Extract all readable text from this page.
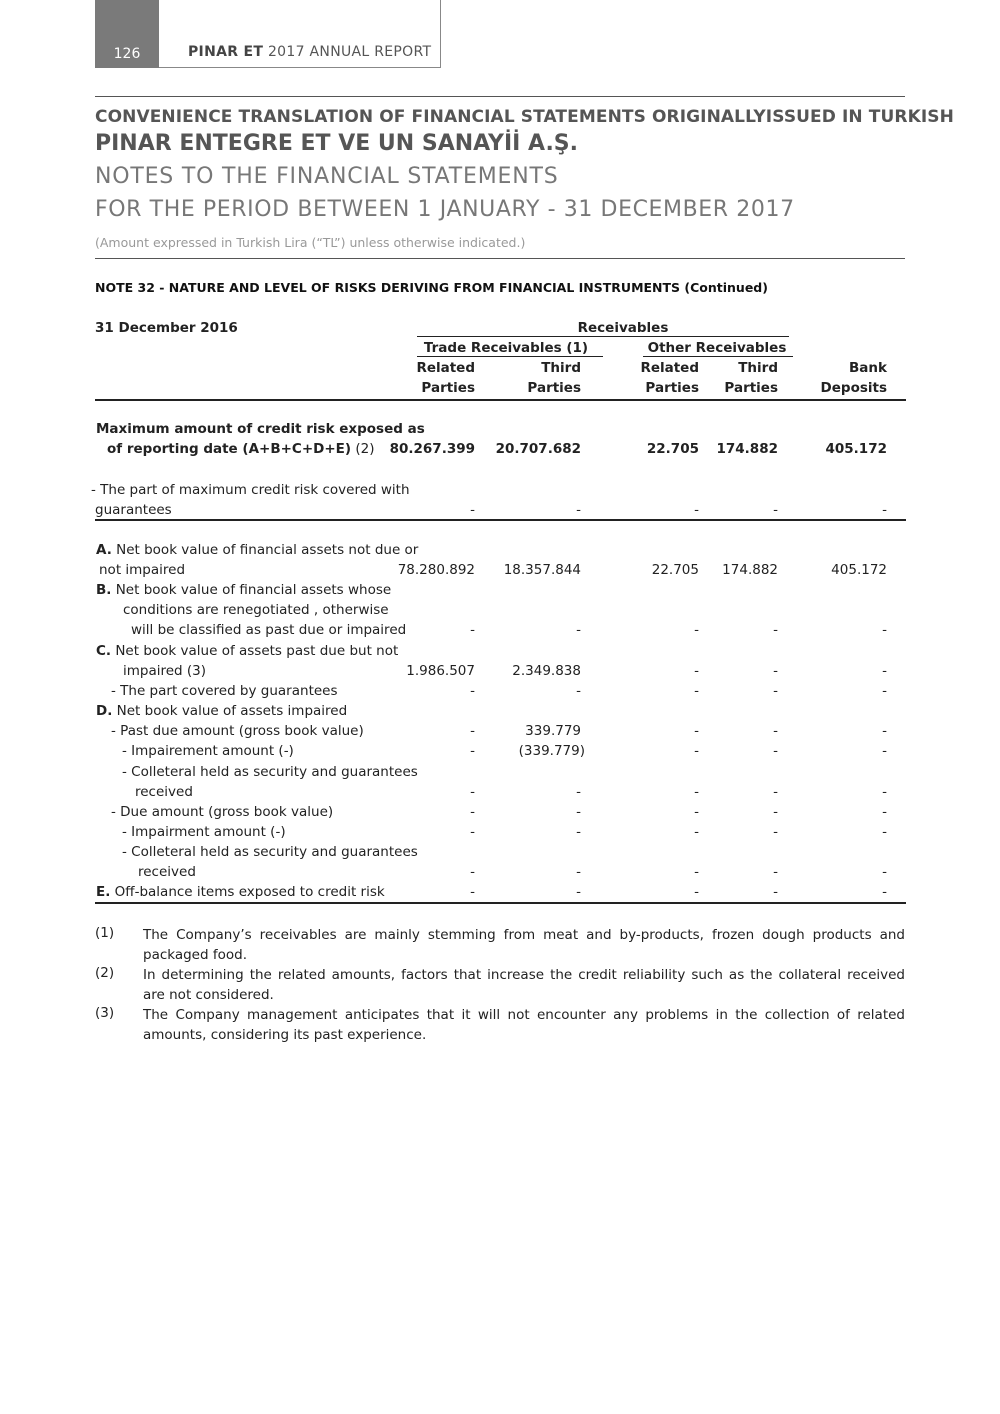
126	PINAR ET 2017 ANNUAL REPORT
CONVENIENCE TRANSLATION OF FINANCIAL STATEMENTS ORIGINALLYISSUED IN TURKISH
PINAR ENTEGRE ET VE UN SANAYİİ A.Ş.
NOTES TO THE FINANCIAL STATEMENTS
FOR THE PERIOD BETWEEN 1 JANUARY - 31 DECEMBER 2017
(Amount expressed in Turkish Lira (“TL”) unless otherwise indicated.)
NOTE 32 - NATURE AND LEVEL OF RISKS DERIVING FROM FINANCIAL INSTRUMENTS (Continued)
31 December 2016	Receivables
Trade Receivables (1)	Other Receivables
Related	Third	Related	Third	Bank
Parties	Parties	Parties	Parties	Deposits
Maximum amount of credit risk exposed as
of reporting date (A+B+C+D+E) (2)	80.267.399	20.707.682	22.705	174.882	405.172
- The part of maximum credit risk covered with
guarantees	-	-	-	-	-
A. Net book value of financial assets not due or
not impaired	78.280.892	18.357.844	22.705	174.882	405.172
B. Net book value of financial assets whose
conditions are renegotiated , otherwise
will be classified as past due or impaired	-	-	-	-	-
C. Net book value of assets past due but not
impaired (3)	1.986.507	2.349.838	-	-	-
- The part covered by guarantees	-	-	-	-	-
D. Net book value of assets impaired
- Past due amount (gross book value)	-	339.779	-	-	-
- Impairement amount (-)	-	(339.779)	-	-	-
- Colleteral held as security and guarantees
received	-	-	-	-	-
- Due amount (gross book value)	-	-	-	-	-
- Impairment amount (-)	-	-	-	-	-
- Colleteral held as security and guarantees
received	-	-	-	-	-
E. Off-balance items exposed to credit risk	-	-	-	-	-
(1) The Company’s receivables are mainly stemming from meat and by-products, frozen dough products and packaged food.
(2) In determining the related amounts, factors that increase the credit reliability such as the collateral received are not considered.
(3) The Company management anticipates that it will not encounter any problems in the collection of related amounts, considering its past experience.
